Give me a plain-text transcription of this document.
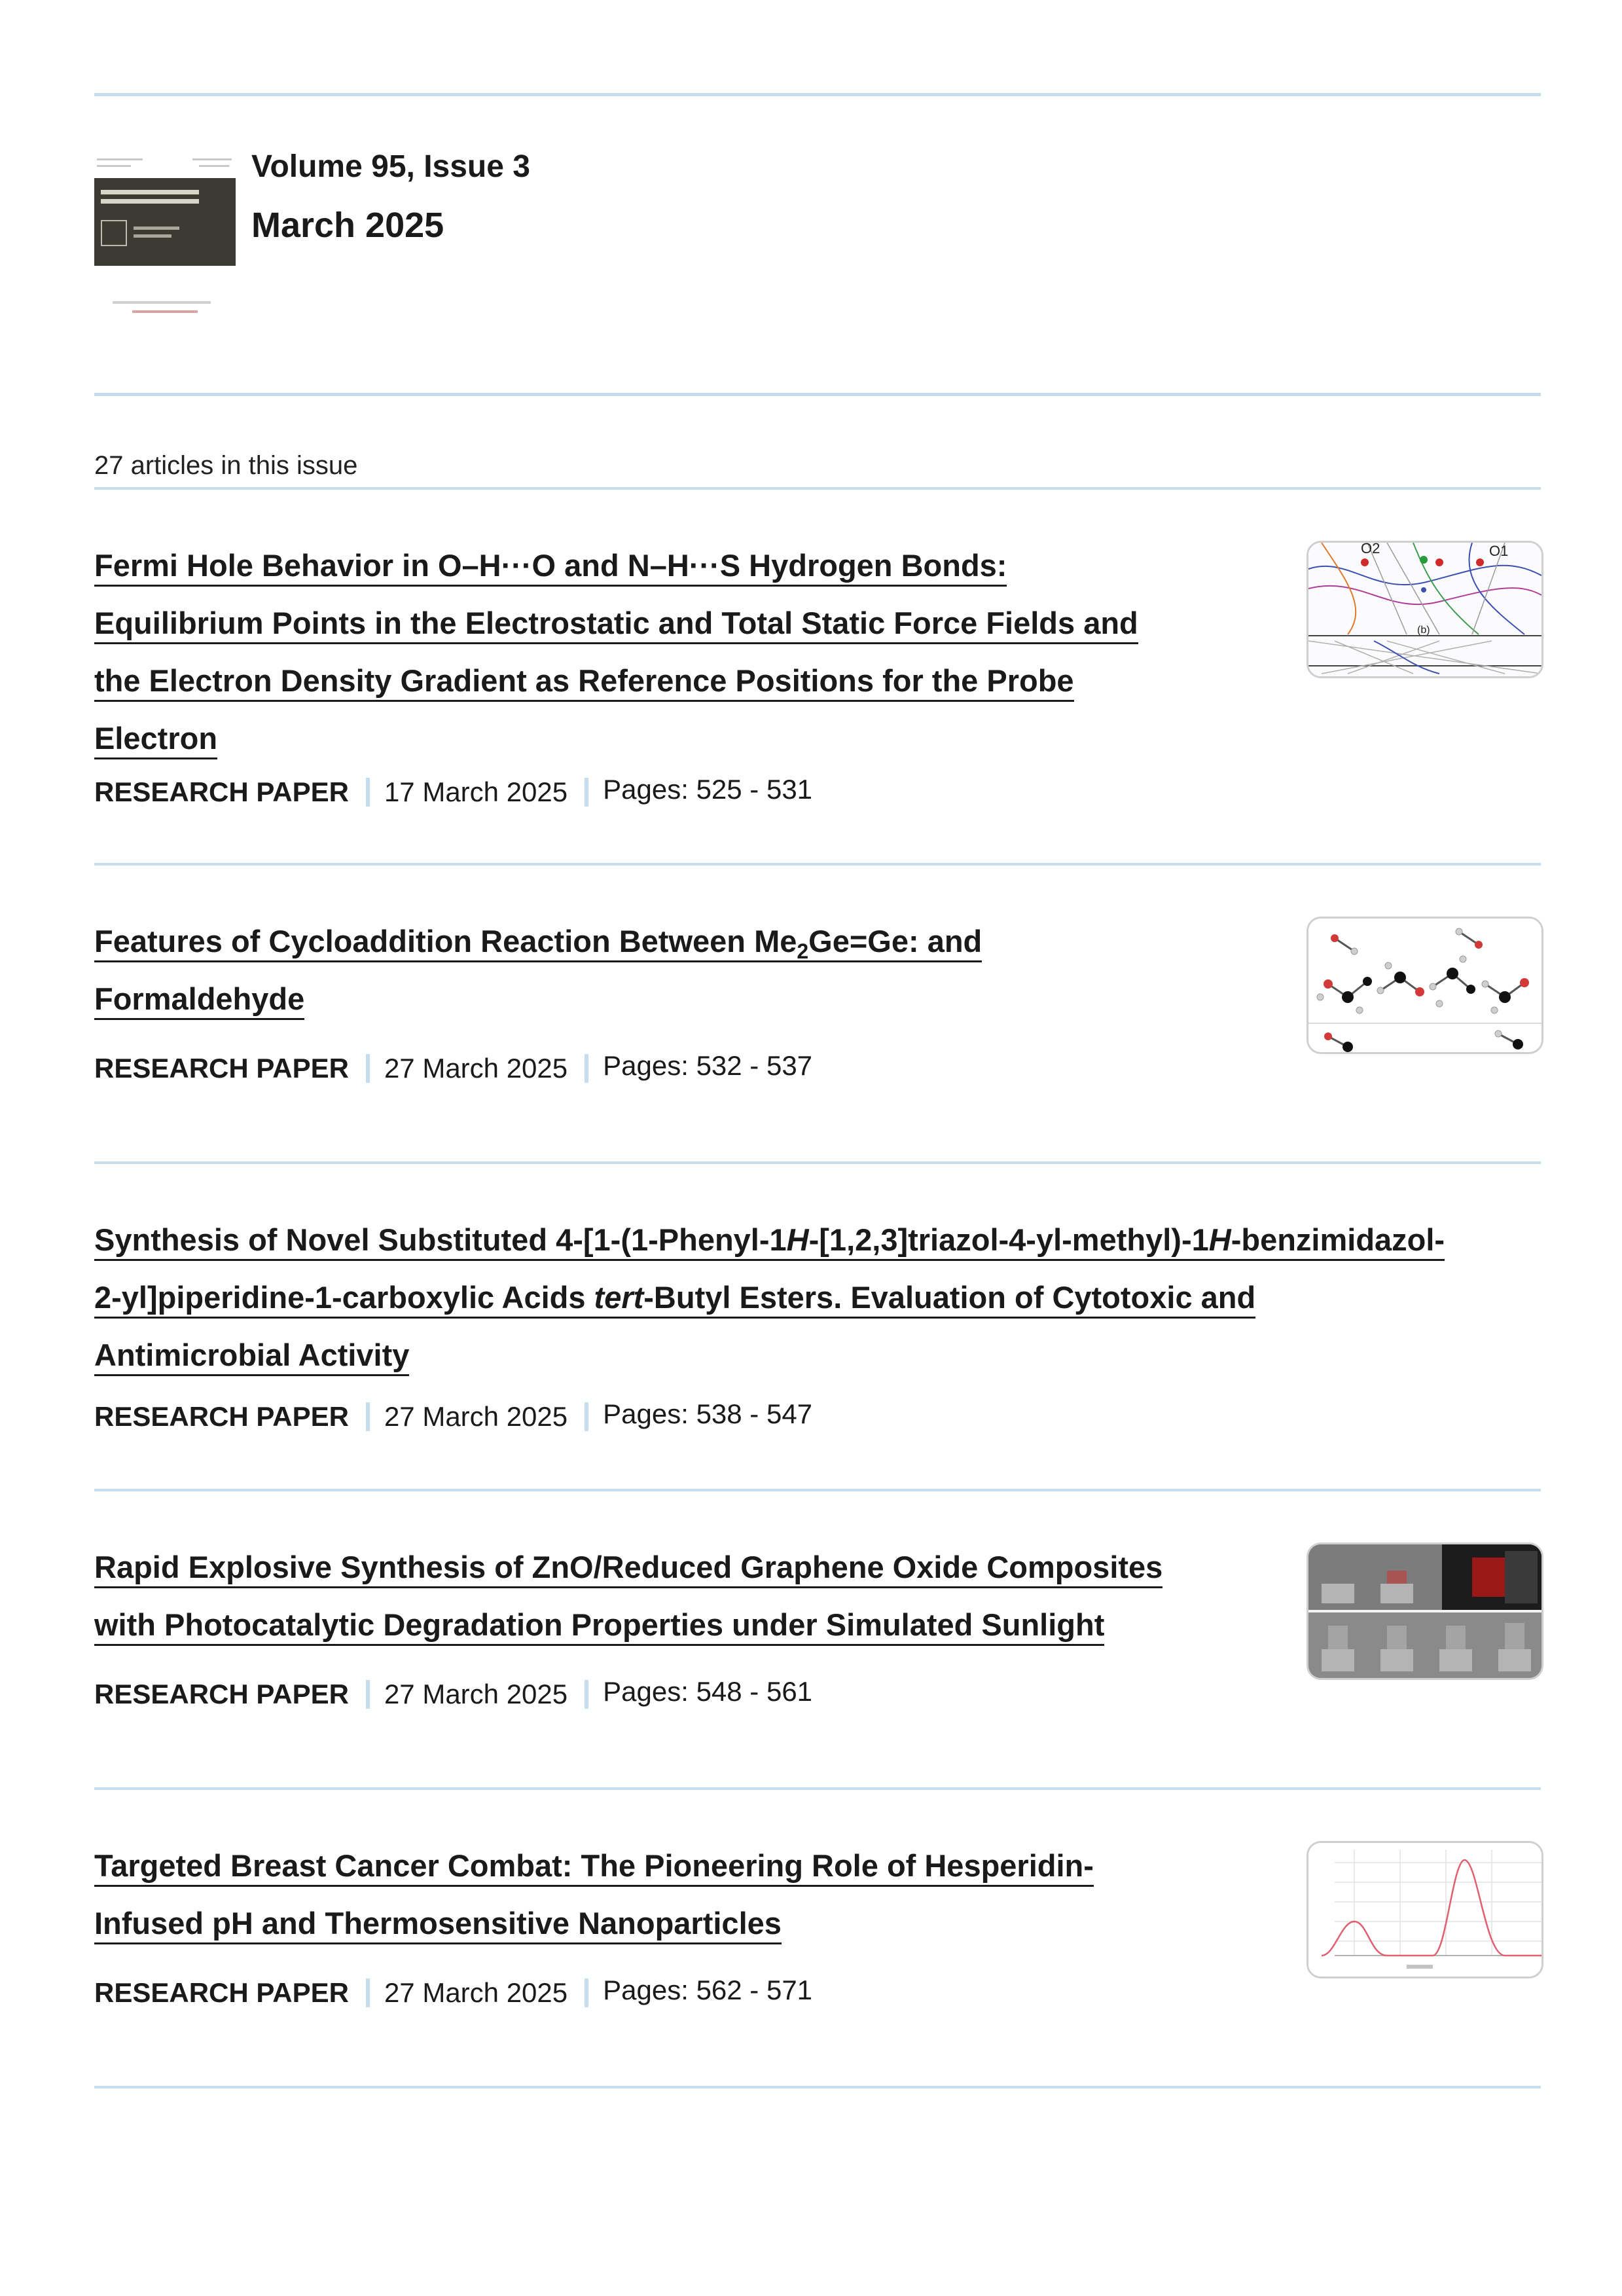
Volume 95, Issue 3
March 2025
27 articles in this issue
Fermi Hole Behavior in O–H···O and N–H···S Hydrogen Bonds:
Equilibrium Points in the Electrostatic and Total Static Force Fields and
the Electron Density Gradient as Reference Positions for the Probe
Electron
RESEARCH PAPER 17 March 2025 Pages: 525 - 531
O2	O1
(b)
Features of Cycloaddition Reaction Between $Me_2Ge=Ge$: and
Formaldehyde
RESEARCH PAPER 27 March 2025 Pages: 532 - 537
Synthesis of Novel Substituted 4-[1-(1-Phenyl-1H-[1,2,3]triazol-4-yl-methyl)-1H-benzimidazol-
2-yl]piperidine-1-carboxylic Acids tert-Butyl Esters. Evaluation of Cytotoxic and
Antimicrobial Activity
RESEARCH PAPER 27 March 2025 Pages: 538 - 547
Rapid Explosive Synthesis of ZnO/Reduced Graphene Oxide Composites
with Photocatalytic Degradation Properties under Simulated Sunlight
RESEARCH PAPER 27 March 2025 Pages: 548 - 561
Targeted Breast Cancer Combat: The Pioneering Role of Hesperidin-
Infused pH and Thermosensitive Nanoparticles
RESEARCH PAPER 27 March 2025 Pages: 562 - 571
